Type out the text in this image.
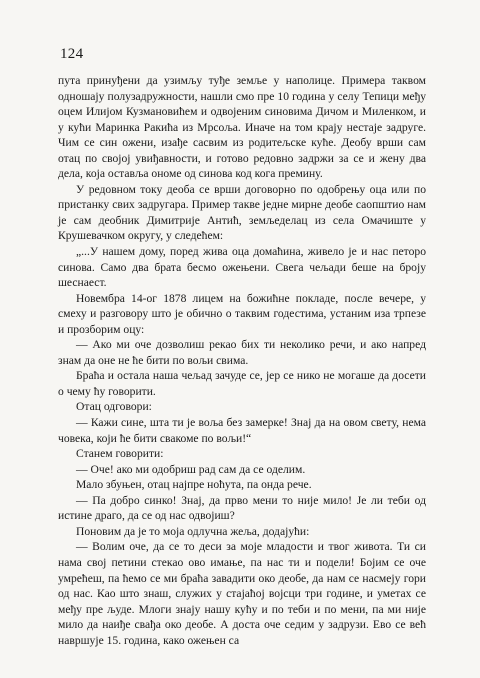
124

пута принуђени да узимљу туђе земље у наполице. Примера таквом одношају полузадружности, нашли смо пре 10 година у селу Тепици међу оцем Илијом Кузмановићем и одвојеним синовима Дичом и Миленком, и у кући Маринка Ракића из Мрсоља. Иначе на том крају нестаје задруге. Чим се син ожени, изађе сасвим из родитељске куће. Деобу врши сам отац по својој увиђавности, и готово редовно задржи за се и жену два дела, која оставља ономе од синова код кога премину.

У редовном току деоба се врши договорно по одобрењу оца или по пристанку свих задругара. Пример такве једне мирне деобе саопштио нам је сам деобник Димитрије Антић, земљеделац из села Омачиште у Крушевачком округу, у следећем:

„...У нашем дому, поред жива оца домаћина, живело је и нас петоро синова. Само два брата бесмо ожењени. Свега чељади беше на броју шеснаест.

Новембра 14-ог 1878 лицем на божићне покладе, после вечере, у смеху и разговору што је обично о таквим годестима, устаним иза трпезе и прозборим оцу:

— Ако ми оче дозволиш рекао бих ти неколико речи, и ако напред знам да оне не ће бити по вољи свима.

Браћа и остала наша чељад зачуде се, јер се нико не могаше да досети о чему ћу говорити.

Отац одговори:

— Кажи сине, шта ти је воља без замерке! Знај да на овом свету, нема човека, који ће бити свакоме по вољи!“

Станем говорити:

— Оче! ако ми одобриш рад сам да се оделим.

Мало збуњен, отац најпре ноћута, па онда рече.

— Па добро синко! Знај, да прво мени то није мило! Је ли теби од истине драго, да се од нас одвојиш?

Поновим да је то моја одлучна жеља, додајући:

— Волим оче, да се то деси за моје младости и твог живота. Ти си нама свој петини стекао ово имање, па нас ти и подели! Бојим се оче умрећеш, па ћемо се ми браћа завадити око деобе, да нам се насмеју гори од нас. Као што знаш, служих у стајаћој војсци три године, и уметах се међу пре људе. Млоги знају нашу кућу и по теби и по мени, па ми није мило да наиђе свађа око деобе. А доста оче седим у задрузи. Ево се већ навршује 15. година, како ожењен са
